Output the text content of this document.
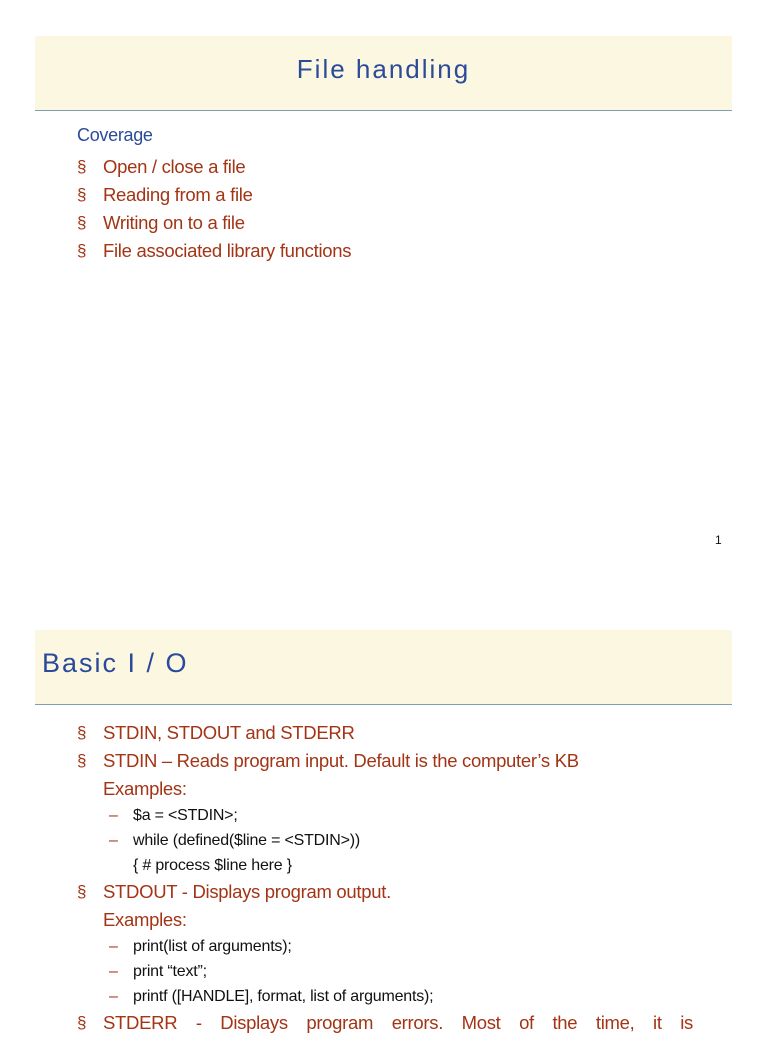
File handling
Coverage
§ Open / close a file
§ Reading from a file
§ Writing on to a file
§ File associated library functions
1
Basic I / O
§ STDIN, STDOUT and STDERR
§ STDIN – Reads program input. Default is the computer’s KB
Examples:
– $a = <STDIN>;
– while (defined($line = <STDIN>))
{ # process $line here }
§ STDOUT - Displays program output.
Examples:
– print(list of arguments);
– print “text”;
– printf ([HANDLE], format, list of arguments);
§ STDERR - Displays program errors. Most of the time, it is
